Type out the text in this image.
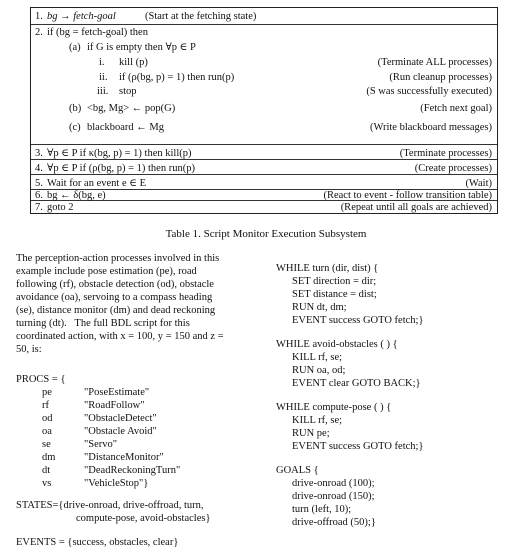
1. bg → fetch-goal	(Start at the fetching state)
2. if (bg = fetch-goal) then
(a) if G is empty then ∀p ∈ P
i. kill (p)	(Terminate ALL processes)
ii. if (ρ(bg, p) = 1) then run(p)	(Run cleanup processes)
iii. stop	(S was successfully executed)
(b) <bg, Mg> ← pop(G)	(Fetch next goal)
(c) blackboard ← Mg	(Write blackboard messages)
3. ∀p ∈ P if κ(bg, p) = 1) then kill(p)	(Terminate processes)
4. ∀p ∈ P if (ρ(bg, p) = 1) then run(p)	(Create processes)
5. Wait for an event e ∈ E	(Wait)
6. bg ← δ(bg, e)	(React to event - follow transition table)
7. goto 2	(Repeat until all goals are achieved)
Table 1. Script Monitor Execution Subsystem
The perception-action processes involved in this
example include pose estimation (pe), road
following (rf), obstacle detection (od), obstacle
avoidance (oa), servoing to a compass heading
(se), distance monitor (dm) and dead reckoning
turning (dt).   The full BDL script for this
coordinated action, with x = 100, y = 150 and z =
50, is:
PROCS = {
pe	"PoseEstimate"
rf	"RoadFollow"
od	"ObstacleDetect"
oa	"Obstacle Avoid"
se	"Servo"
dm	"DistanceMonitor"
dt	"DeadReckoningTurn"
vs	"VehicleStop"}
STATES={drive-onroad, drive-offroad, turn,
compute-pose, avoid-obstacles}
EVENTS = {success, obstacles, clear}
WHILE turn (dir, dist) {
SET direction = dir;
SET distance = dist;
RUN dt, dm;
EVENT success GOTO fetch;}
WHILE avoid-obstacles ( ) {
KILL rf, se;
RUN oa, od;
EVENT clear GOTO BACK;}
WHILE compute-pose ( ) {
KILL rf, se;
RUN pe;
EVENT success GOTO fetch;}
GOALS {
drive-onroad (100);
drive-onroad (150);
turn (left, 10);
drive-offroad (50);}
